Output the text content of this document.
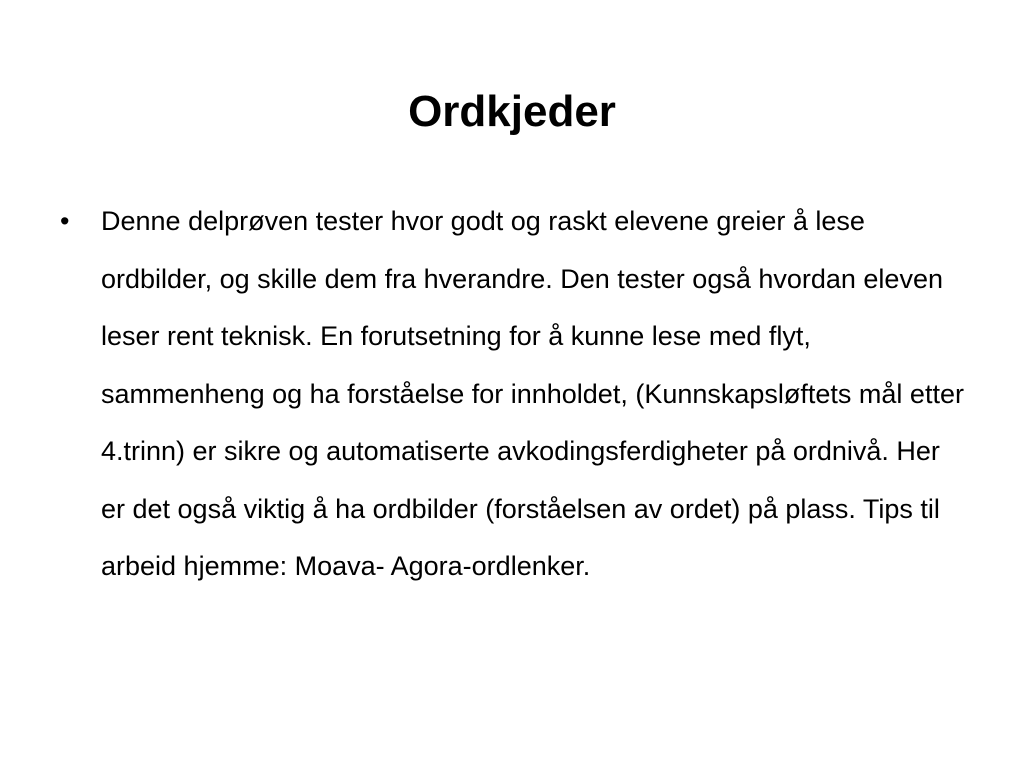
Ordkjeder
• Denne delprøven tester hvor godt og raskt elevene greier å lese ordbilder, og skille dem fra hverandre. Den tester også hvordan eleven leser rent teknisk. En forutsetning for å kunne lese med flyt, sammenheng og ha forståelse for innholdet, (Kunnskapsløftets mål etter 4.trinn) er sikre og automatiserte avkodingsferdigheter på ordnivå. Her er det også viktig å ha ordbilder (forståelsen av ordet) på plass. Tips til arbeid hjemme: Moava- Agora-ordlenker.
